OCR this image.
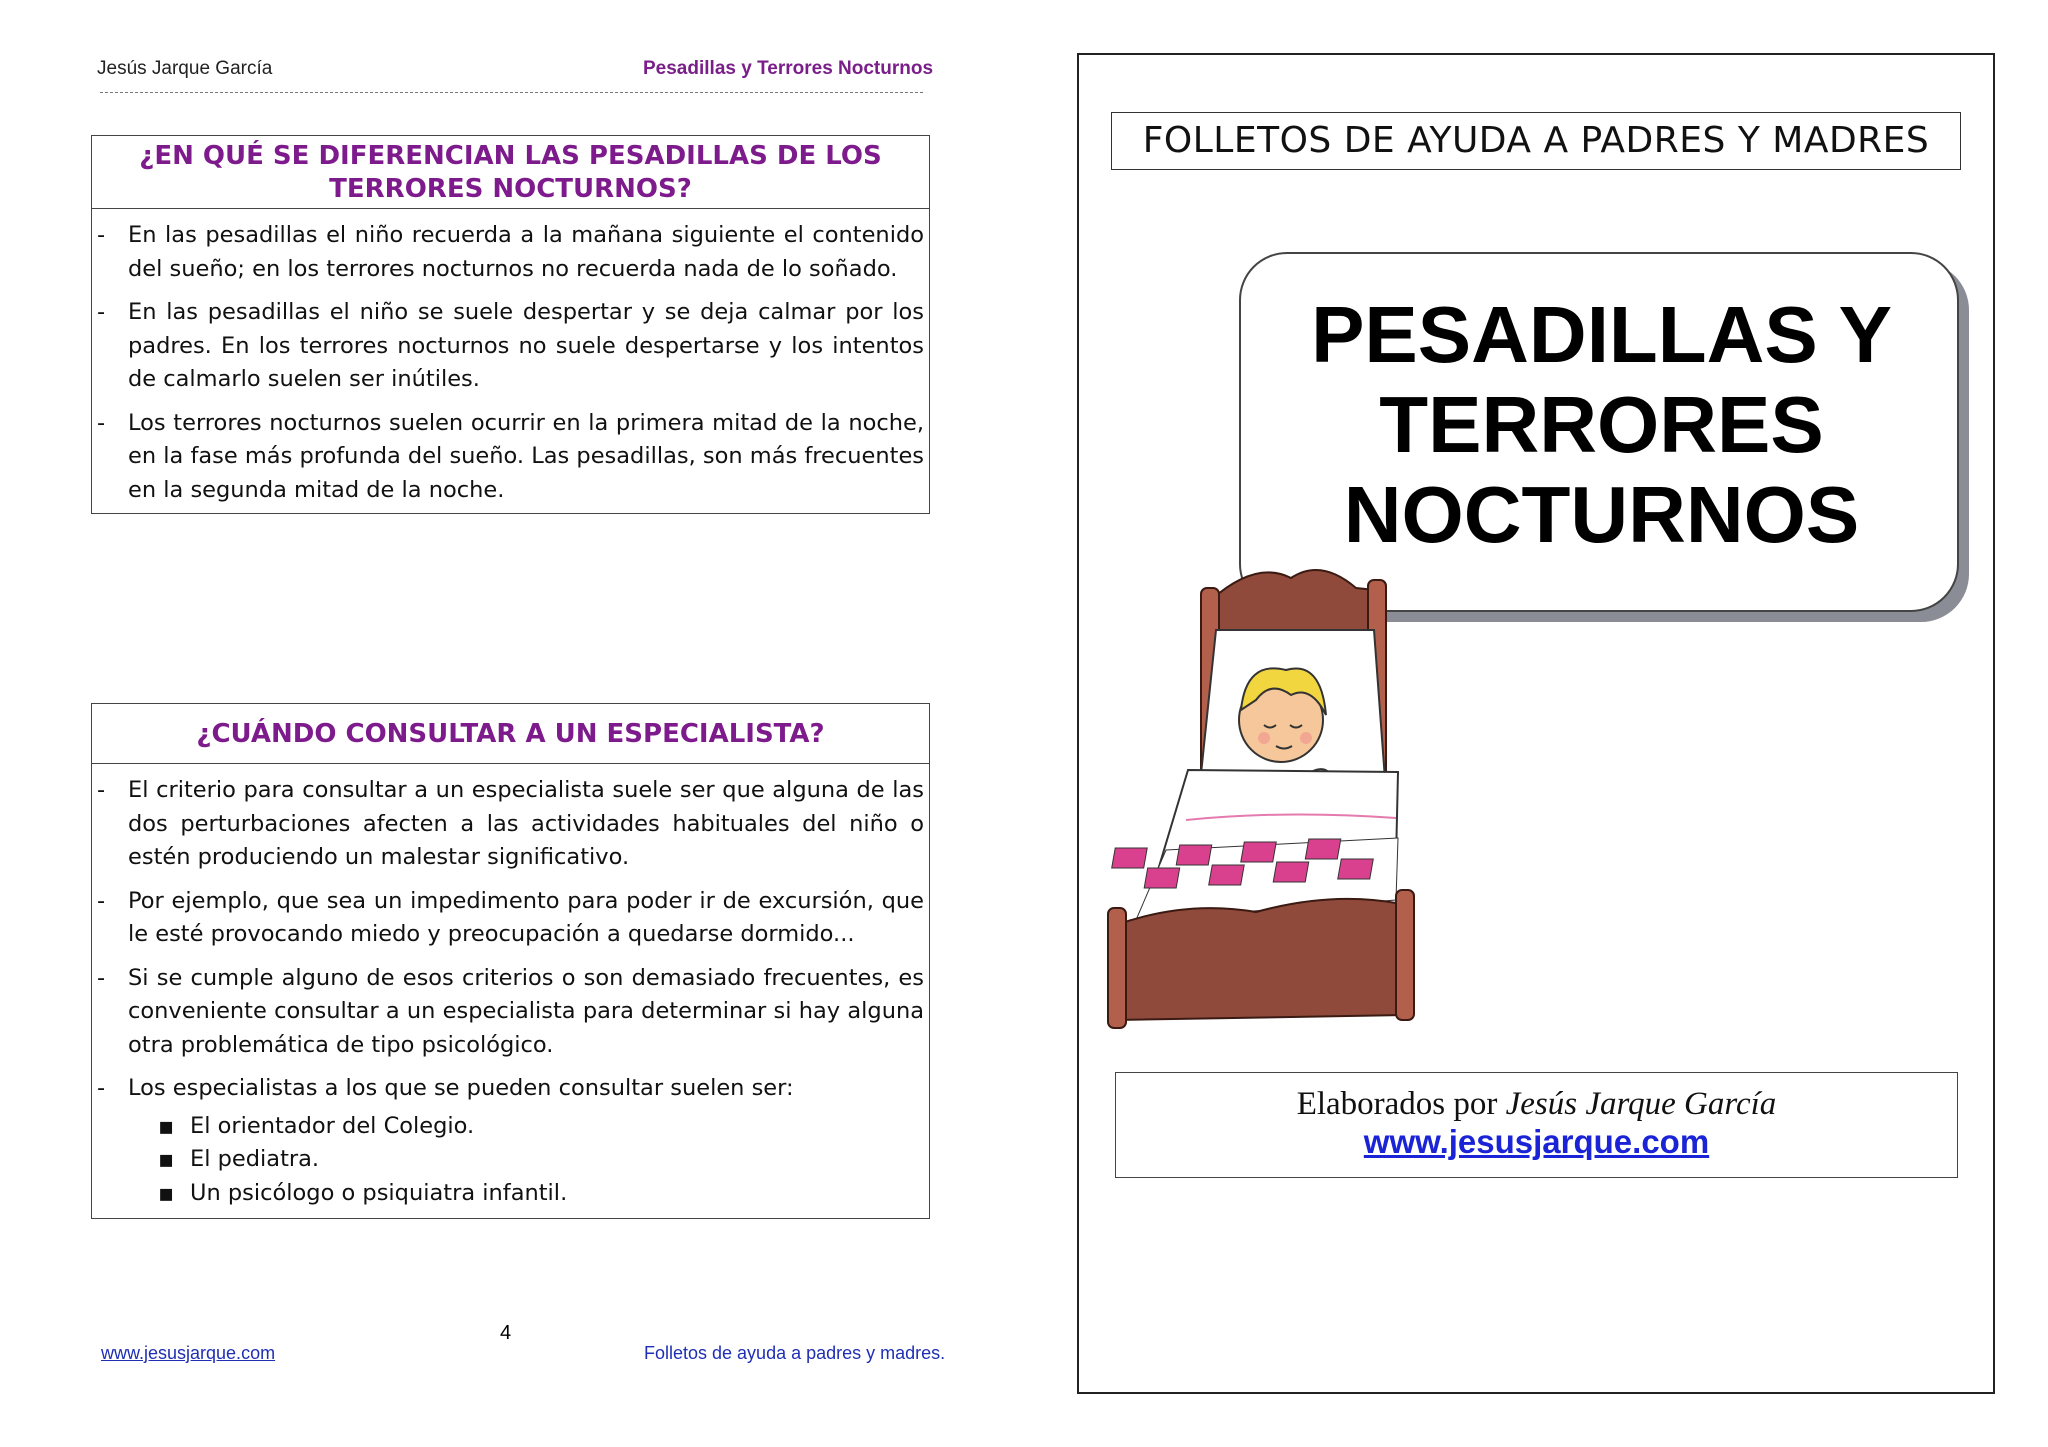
Jesús Jarque García	Pesadillas y Terrores Nocturnos
¿EN QUÉ SE DIFERENCIAN LAS PESADILLAS DE LOS TERRORES NOCTURNOS?
- En las pesadillas el niño recuerda a la mañana siguiente el contenido del sueño; en los terrores nocturnos no recuerda nada de lo soñado.
- En las pesadillas el niño se suele despertar y se deja calmar por los padres. En los terrores nocturnos no suele despertarse y los intentos de calmarlo suelen ser inútiles.
- Los terrores nocturnos suelen ocurrir en la primera mitad de la noche, en la fase más profunda del sueño. Las pesadillas, son más frecuentes en la segunda mitad de la noche.
¿CUÁNDO CONSULTAR A UN ESPECIALISTA?
- El criterio para consultar a un especialista suele ser que alguna de las dos perturbaciones afecten a las actividades habituales del niño o estén produciendo un malestar significativo.
- Por ejemplo, que sea un impedimento para poder ir de excursión, que le esté provocando miedo y preocupación a quedarse dormido...
- Si se cumple alguno de esos criterios o son demasiado frecuentes, es conveniente consultar a un especialista para determinar si hay alguna otra problemática de tipo psicológico.
- Los especialistas a los que se pueden consultar suelen ser:
▪ El orientador del Colegio.
▪ El pediatra.
▪ Un psicólogo o psiquiatra infantil.
4
www.jesusjarque.com	Folletos de ayuda a padres y madres.
FOLLETOS DE AYUDA A PADRES Y MADRES
PESADILLAS Y
TERRORES
NOCTURNOS
Elaborados por Jesús Jarque García
www.jesusjarque.com
